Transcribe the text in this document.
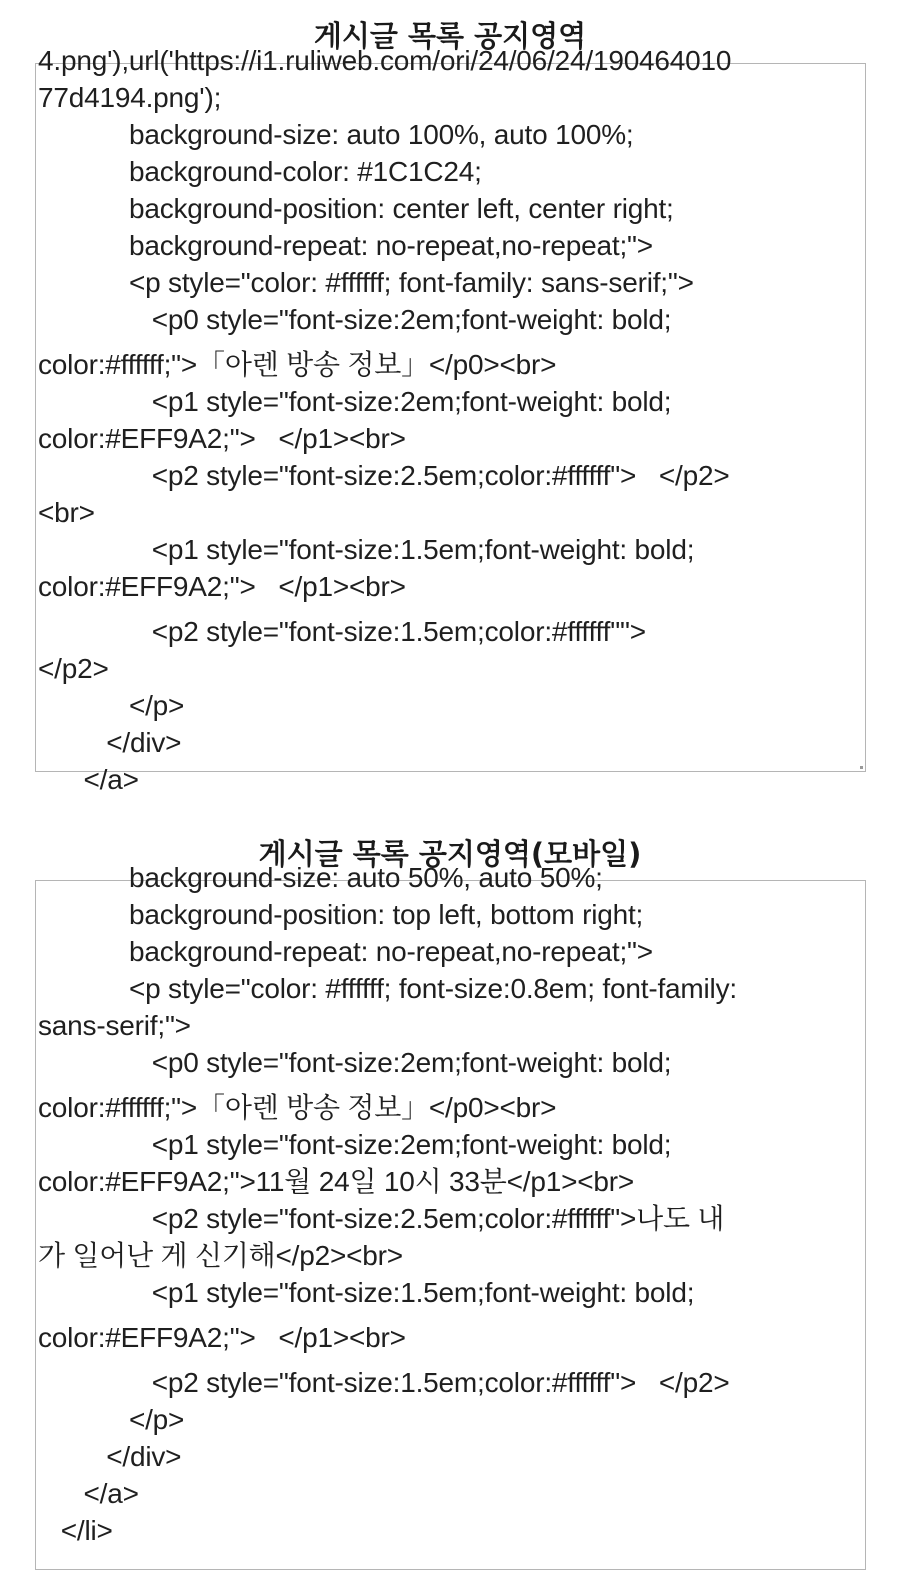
게시글 목록 공지영역
4.png'),url('https://i1.ruliweb.com/ori/24/06/24/190464010
77d4194.png');
background-size: auto 100%, auto 100%;
background-color: #1C1C24;
background-position: center left, center right;
background-repeat: no-repeat,no-repeat;">
<p style="color: #ffffff; font-family: sans-serif;">
<p0 style="font-size:2em;font-weight: bold;
color:#ffffff;">「아렌 방송 정보」</p0><br>
<p1 style="font-size:2em;font-weight: bold;
color:#EFF9A2;">   </p1><br>
<p2 style="font-size:2.5em;color:#ffffff">   </p2>
<br>
<p1 style="font-size:1.5em;font-weight: bold;
color:#EFF9A2;">   </p1><br>
<p2 style="font-size:1.5em;color:#ffffff"">
</p2>
</p>
</div>
</a>
게시글 목록 공지영역(모바일)
background-size: auto 50%, auto 50%;
background-position: top left, bottom right;
background-repeat: no-repeat,no-repeat;">
<p style="color: #ffffff; font-size:0.8em; font-family:
sans-serif;">
<p0 style="font-size:2em;font-weight: bold;
color:#ffffff;">「아렌 방송 정보」</p0><br>
<p1 style="font-size:2em;font-weight: bold;
color:#EFF9A2;">11월 24일 10시 33분</p1><br>
<p2 style="font-size:2.5em;color:#ffffff">나도 내
가 일어난 게 신기해</p2><br>
<p1 style="font-size:1.5em;font-weight: bold;
color:#EFF9A2;">   </p1><br>
<p2 style="font-size:1.5em;color:#ffffff">   </p2>
</p>
</div>
</a>
</li>
